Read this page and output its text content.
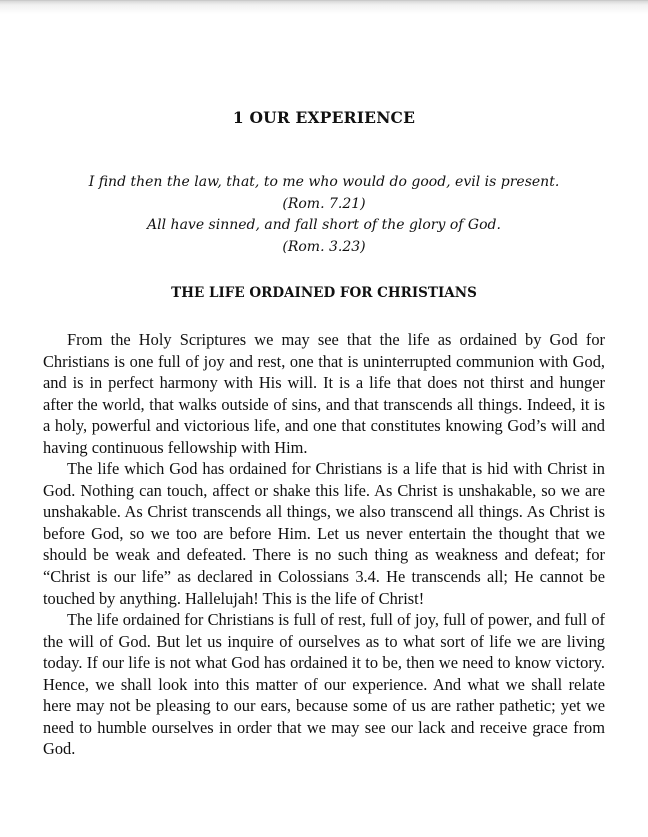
1 OUR EXPERIENCE
I find then the law, that, to me who would do good, evil is present.
(Rom. 7.21)
All have sinned, and fall short of the glory of God.
(Rom. 3.23)
THE LIFE ORDAINED FOR CHRISTIANS

From the Holy Scriptures we may see that the life as ordained by God for Christians is one full of joy and rest, one that is uninterrupted communion with God, and is in perfect harmony with His will. It is a life that does not thirst and hunger after the world, that walks outside of sins, and that transcends all things. Indeed, it is a holy, powerful and victorious life, and one that constitutes knowing God’s will and having continuous fellowship with Him.

The life which God has ordained for Christians is a life that is hid with Christ in God. Nothing can touch, affect or shake this life. As Christ is unshakable, so we are unshakable. As Christ transcends all things, we also transcend all things. As Christ is before God, so we too are before Him. Let us never entertain the thought that we should be weak and defeated. There is no such thing as weakness and defeat; for “Christ is our life” as declared in Colossians 3.4. He transcends all; He cannot be touched by anything. Hallelujah! This is the life of Christ!

The life ordained for Christians is full of rest, full of joy, full of power, and full of the will of God. But let us inquire of ourselves as to what sort of life we are living today. If our life is not what God has ordained it to be, then we need to know victory. Hence, we shall look into this matter of our experience. And what we shall relate here may not be pleasing to our ears, because some of us are rather pathetic; yet we need to humble ourselves in order that we may see our lack and receive grace from God.
